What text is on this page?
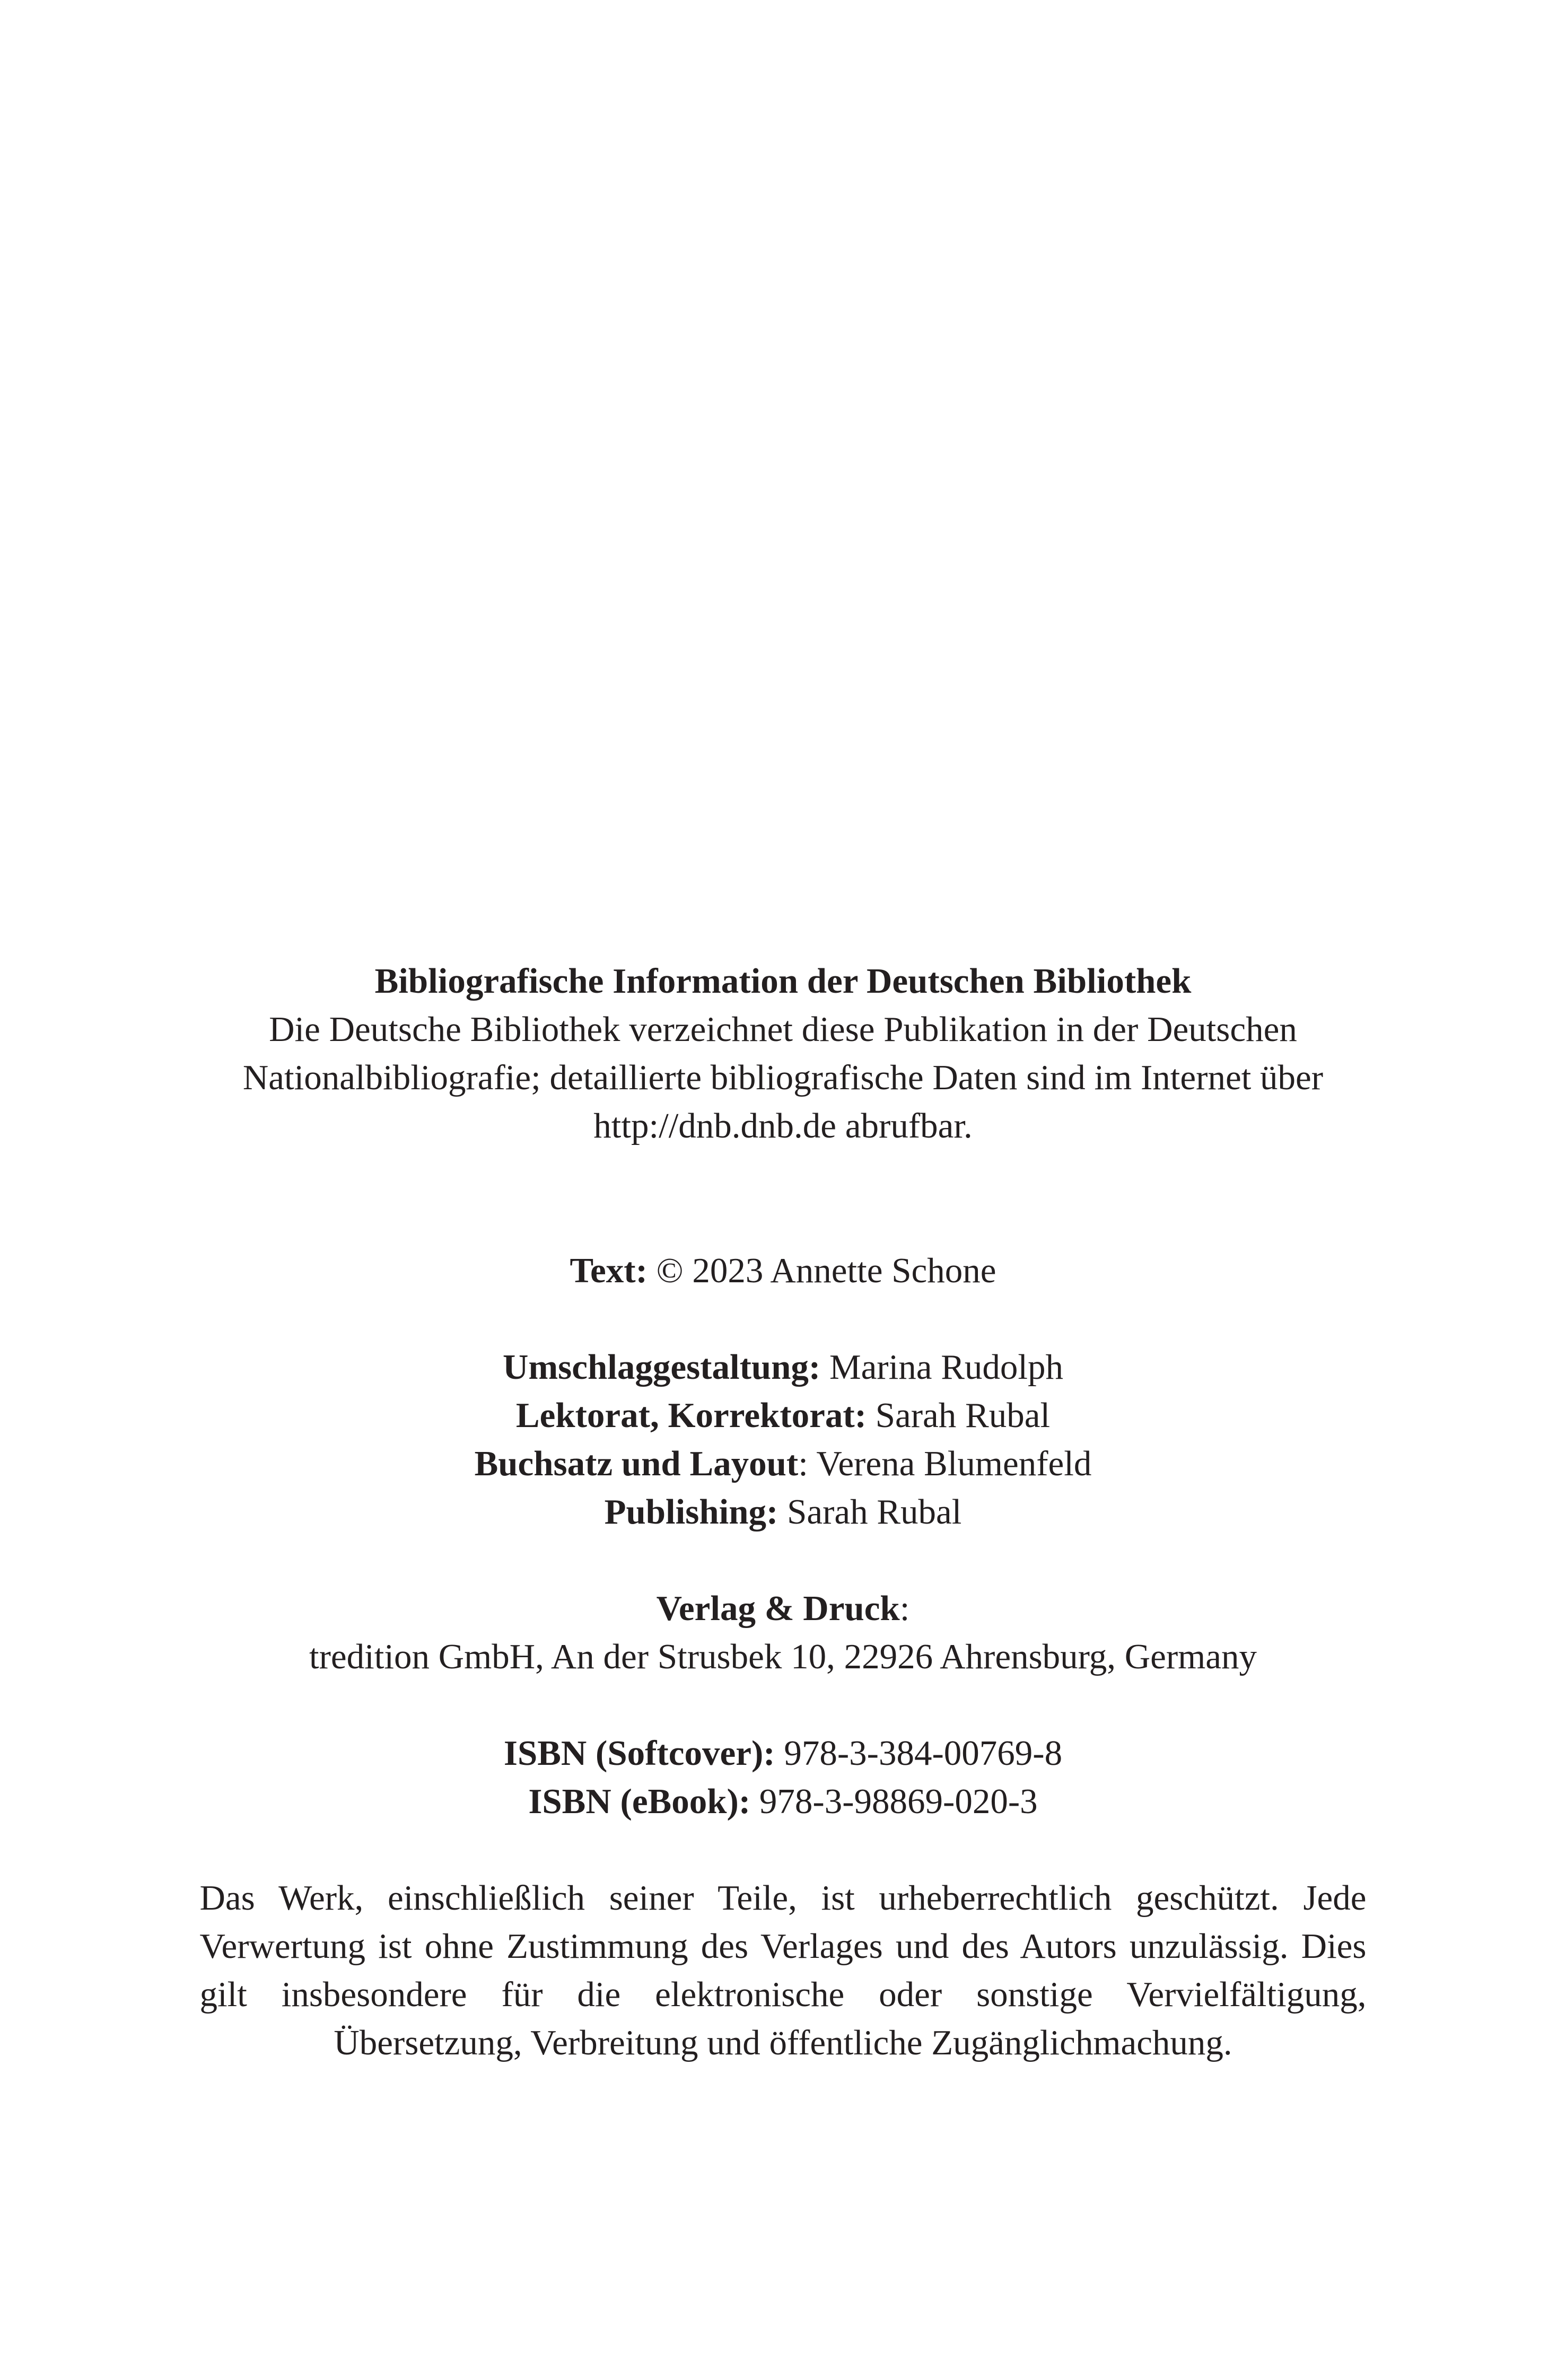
Bibliografische Information der Deutschen Bibliothek

Die Deutsche Bibliothek verzeichnet diese Publikation in der Deutschen

Nationalbibliografie; detaillierte bibliografische Daten sind im Internet über

http://dnb.dnb.de abrufbar.

Text: © 2023 Annette Schone

Umschlaggestaltung: Marina Rudolph

Lektorat, Korrektorat: Sarah Rubal

Buchsatz und Layout: Verena Blumenfeld

Publishing: Sarah Rubal

Verlag & Druck:

tredition GmbH, An der Strusbek 10, 22926 Ahrensburg, Germany

ISBN (Softcover): 978-3-384-00769-8

ISBN (eBook): 978-3-98869-020-3

Das Werk, einschließlich seiner Teile, ist urheberrechtlich geschützt. Jede Verwertung ist ohne Zustimmung des Verlages und des Autors unzulässig. Dies gilt insbesondere für die elektronische oder sonstige Vervielfältigung, Übersetzung, Verbreitung und öffentliche Zugänglichmachung.
